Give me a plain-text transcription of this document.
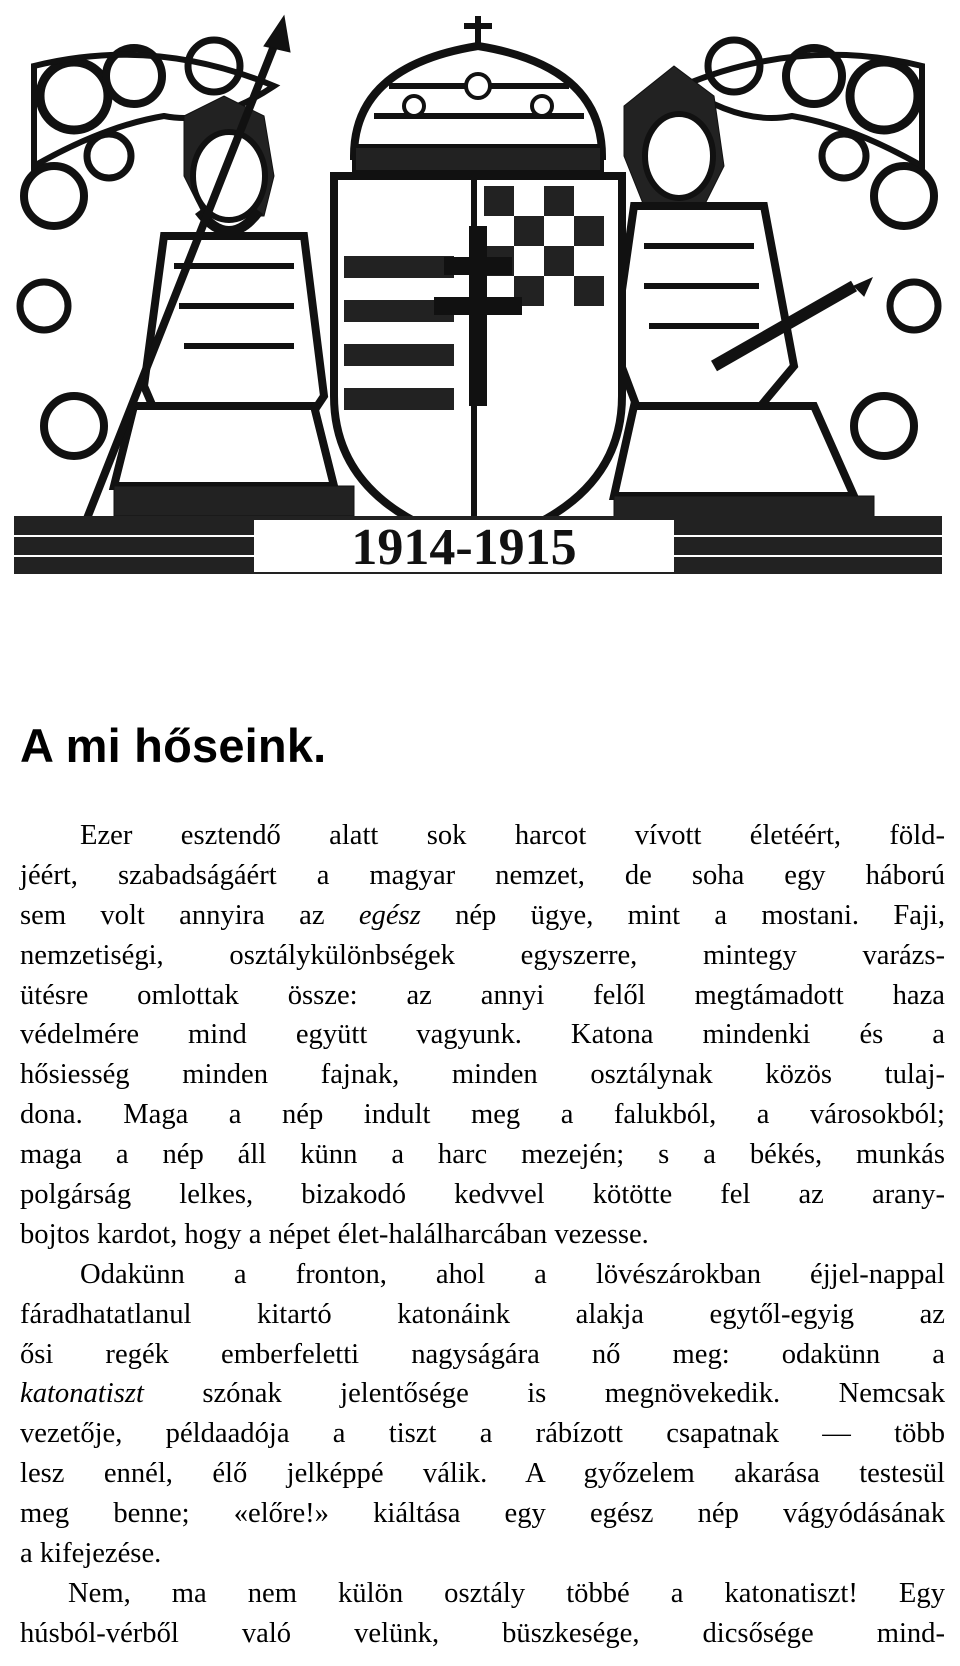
1914-1915
A mi hőseink.
Ezer esztendő alatt sok harcot vívott életéért, föld-
jéért, szabadságáért a magyar nemzet, de soha egy háború
sem volt annyira az egész nép ügye, mint a mostani. Faji,
nemzetiségi, osztálykülönbségek egyszerre, mintegy varázs-
ütésre omlottak össze: az annyi felől megtámadott haza
védelmére mind együtt vagyunk. Katona mindenki és a
hősiesség minden fajnak, minden osztálynak közös tulaj-
dona. Maga a nép indult meg a falukból, a városokból;
maga a nép áll künn a harc mezején; s a békés, munkás
polgárság lelkes, bizakodó kedvvel kötötte fel az arany-
bojtos kardot, hogy a népet élet-halálharcában vezesse.
Odakünn a fronton, ahol a lövészárokban éjjel-nappal
fáradhatatlanul kitartó katonáink alakja egytől-egyig az
ősi regék emberfeletti nagyságára nő meg: odakünn a
katonatiszt szónak jelentősége is megnövekedik. Nemcsak
vezetője, példaadója a tiszt a rábízott csapatnak — több
lesz ennél, élő jelképpé válik. A győzelem akarása testesül
meg benne; «előre!» kiáltása egy egész nép vágyódásának
a kifejezése.
Nem, ma nem külön osztály többé a katonatiszt! Egy
húsból-vérből való velünk, büszkesége, dicsősége mind-
